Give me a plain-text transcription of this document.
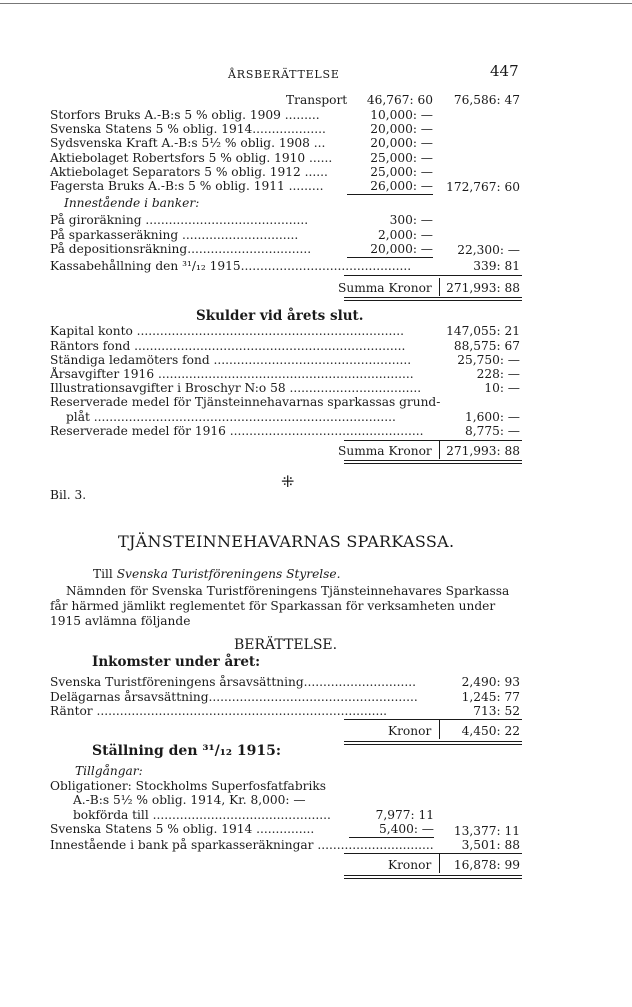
ÅRSBERÄTTELSE	447
Transport	46,767: 60	76,586: 47
Storfors Bruks A.-B:s 5 % oblig. 1909 .........	10,000: —
Svenska Statens 5 % oblig. 1914...................	20,000: —
Sydsvenska Kraft A.-B:s 5½ % oblig. 1908 ...	20,000: —
Aktiebolaget Robertsfors 5 % oblig. 1910 ......	25,000: —
Aktiebolaget Separators 5 % oblig. 1912 ......	25,000: —
Fagersta Bruks A.-B:s 5 % oblig. 1911 .........	26,000: —	172,767: 60
Innestående i banker:
På giroräkning ..........................................	300: —
På sparkasseräkning ..............................	2,000: —
På depositionsräkning................................	20,000: —	22,300: —
Kassabehållning den ³¹/₁₂ 1915............................................	339: 81
Summa Kronor	271,993: 88
Skulder vid årets slut.
Kapital konto .....................................................................	147,055: 21
Räntors fond ......................................................................	88,575: 67
Ständiga ledamöters fond ...................................................	25,750: —
Årsavgifter 1916 ..................................................................	228: —
Illustrationsavgifter i Broschyr N:o 58 ..................................	10: —
Reserverade medel för Tjänsteinnehavarnas sparkassas grund-
plåt ..............................................................................	1,600: —
Reserverade medel för 1916 ..................................................	8,775: —
Summa Kronor	271,993: 88
⁜
Bil. 3.
TJÄNSTEINNEHAVARNAS SPARKASSA.
Till Svenska Turistföreningens Styrelse.
Nämnden för Svenska Turistföreningens Tjänsteinnehavares Sparkassa
får härmed jämlikt reglementet för Sparkassan för verksamheten under
1915 avlämna följande
BERÄTTELSE.
Inkomster under året:
Svenska Turistföreningens årsavsättning.............................	2,490: 93
Delägarnas årsavsättning......................................................	1,245: 77
Räntor ...........................................................................	713: 52
Kronor	4,450: 22
Ställning den ³¹/₁₂ 1915:
Tillgångar:
Obligationer: Stockholms Superfosfatfabriks
A.-B:s 5½ % oblig. 1914, Kr. 8,000: —
bokförda till ..............................................	7,977: 11
Svenska Statens 5 % oblig. 1914 ...............	5,400: —	13,377: 11
Innestående i bank på sparkasseräkningar ..............................	3,501: 88
Kronor	16,878: 99
